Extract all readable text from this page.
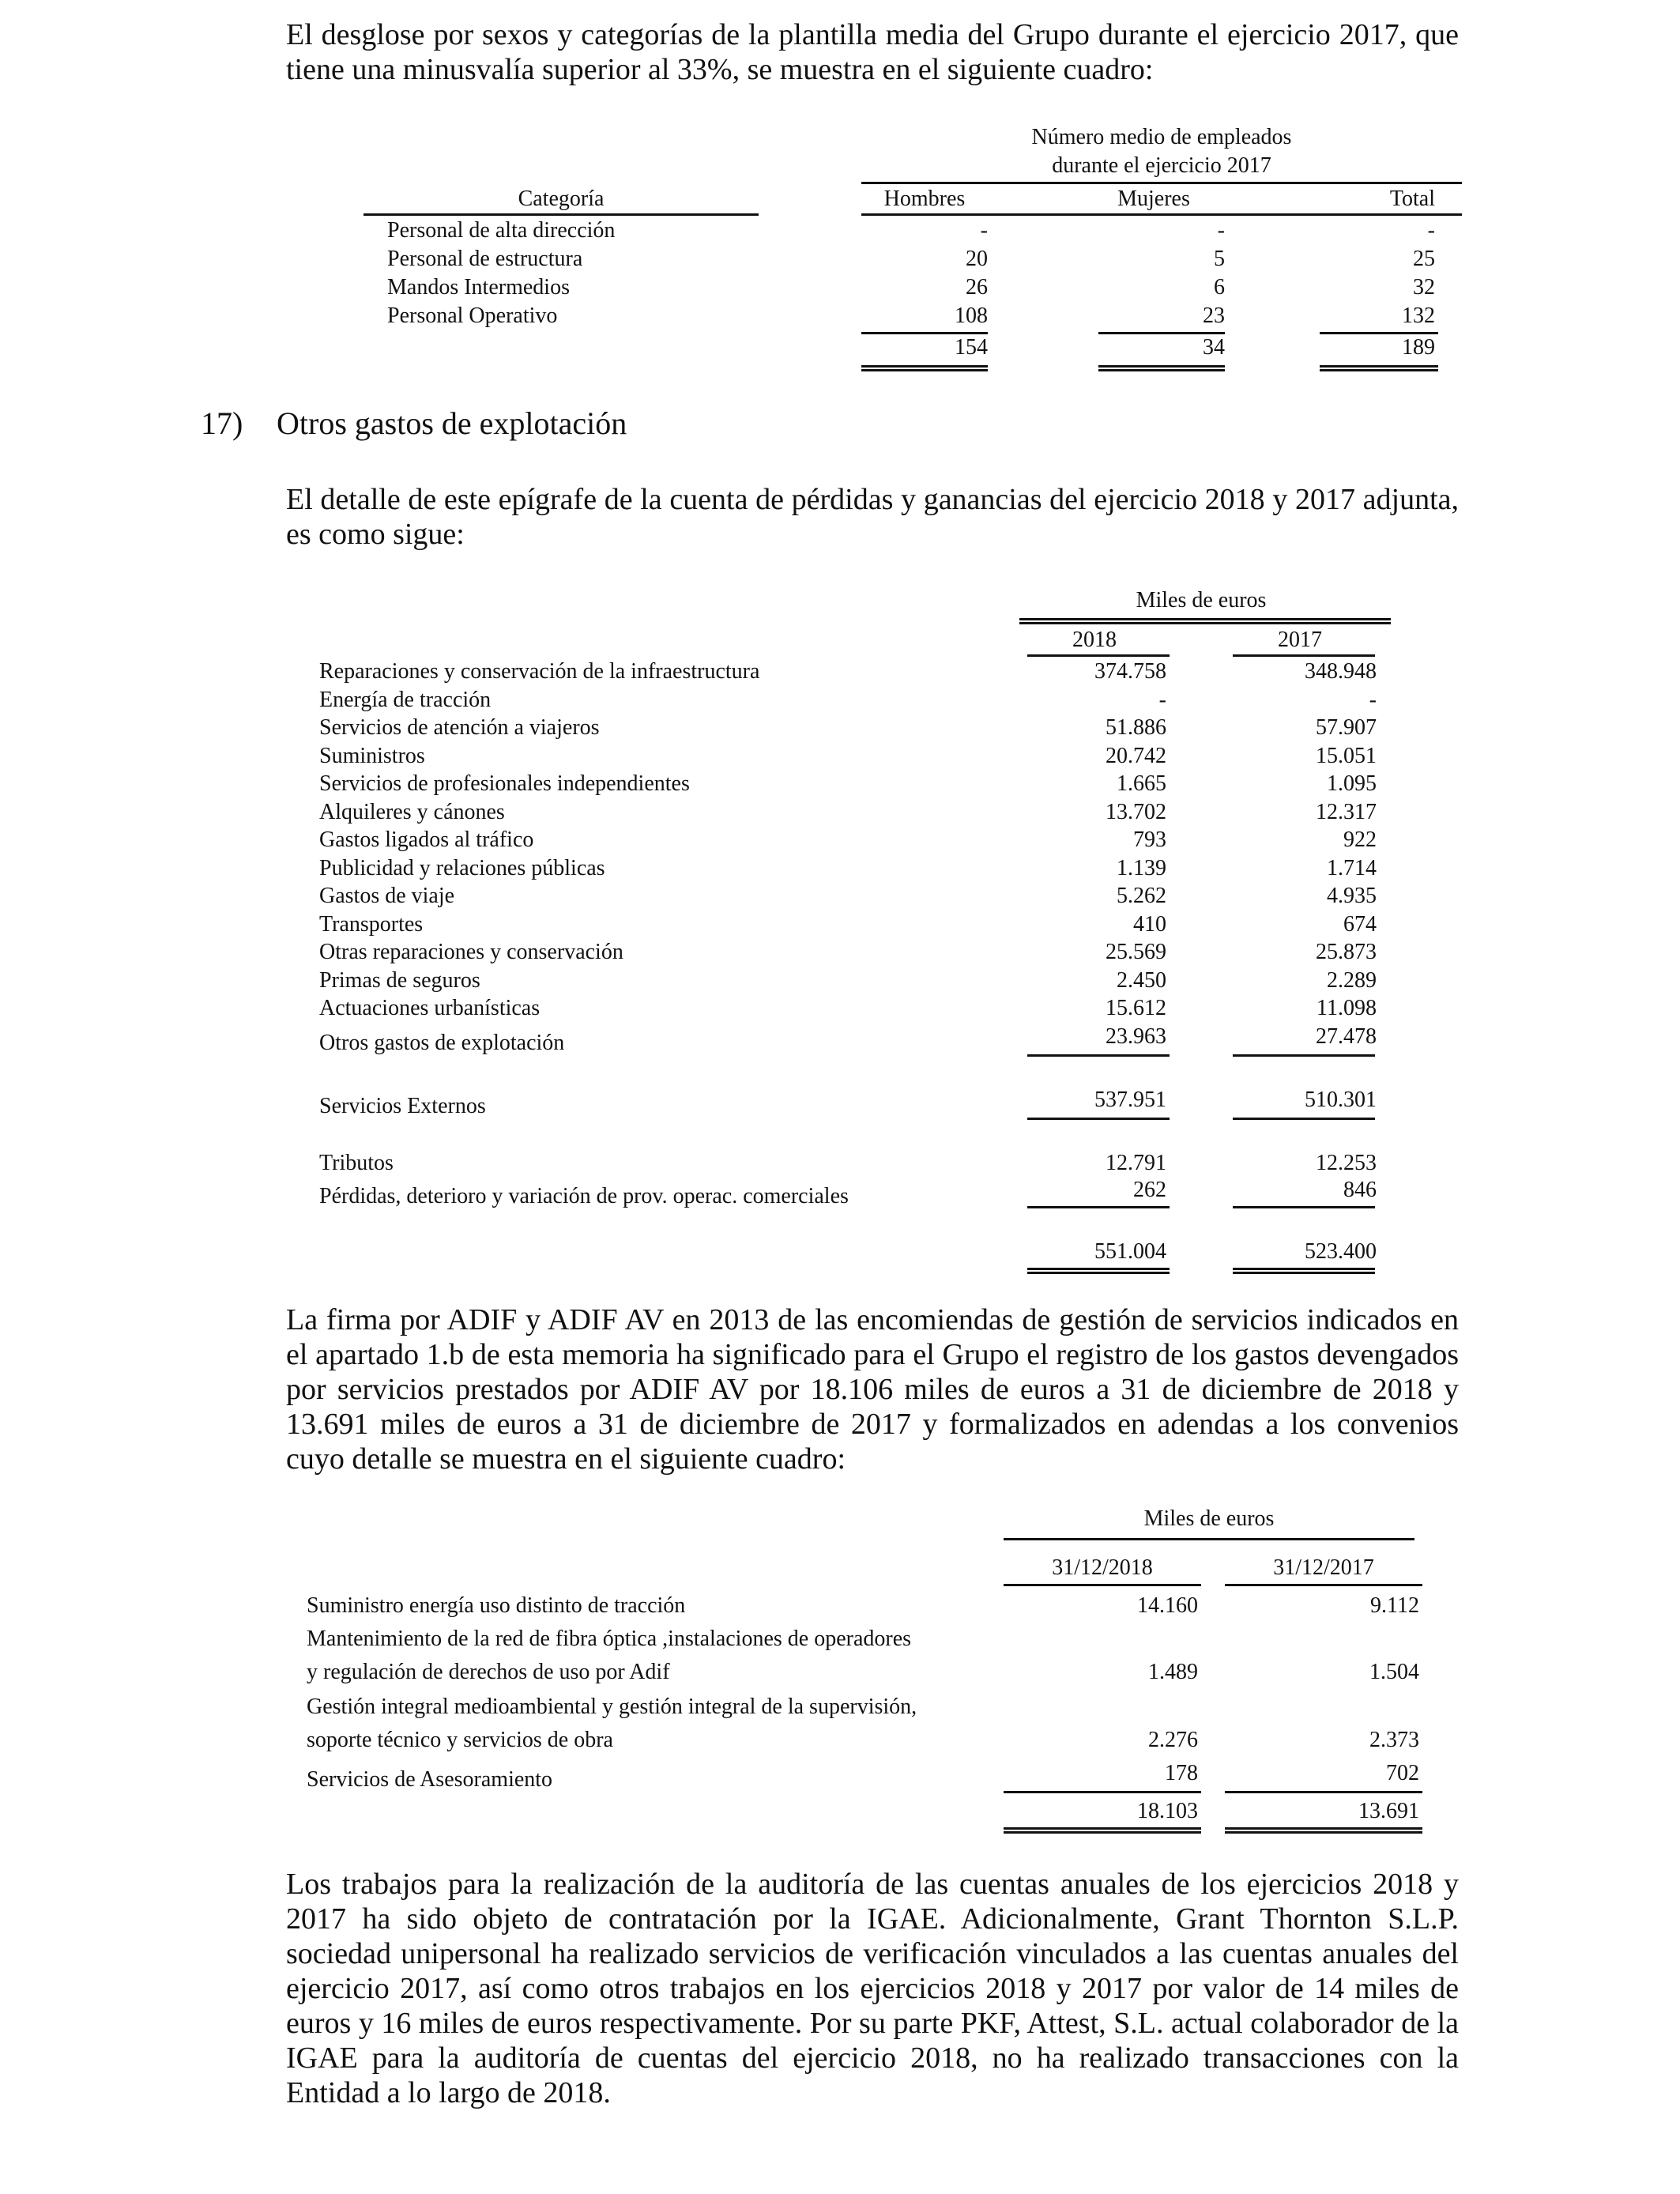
El desglose por sexos y categorías de la plantilla media del Grupo durante el ejercicio 2017, que tiene una minusvalía superior al 33%, se muestra en el siguiente cuadro:

Número medio de empleados
durante el ejercicio 2017
Categoría	Hombres	Mujeres	Total
Personal de alta dirección	-	-	-
Personal de estructura	20	5	25
Mandos Intermedios	26	6	32
Personal Operativo	108	23	132
154	34	189
17) Otros gastos de explotación

El detalle de este epígrafe de la cuenta de pérdidas y ganancias del ejercicio 2018 y 2017 adjunta, es como sigue:

Miles de euros
2018	2017
Reparaciones y conservación de la infraestructura	374.758	348.948
Energía de tracción	-	-
Servicios de atención a viajeros	51.886	57.907
Suministros	20.742	15.051
Servicios de profesionales independientes	1.665	1.095
Alquileres y cánones	13.702	12.317
Gastos ligados al tráfico	793	922
Publicidad y relaciones públicas	1.139	1.714
Gastos de viaje	5.262	4.935
Transportes	410	674
Otras reparaciones y conservación	25.569	25.873
Primas de seguros	2.450	2.289
Actuaciones urbanísticas	15.612	11.098
Otros gastos de explotación	23.963	27.478
Servicios Externos	537.951	510.301
Tributos	12.791	12.253
Pérdidas, deterioro y variación de prov. operac. comerciales	262	846
551.004	523.400

La firma por ADIF y ADIF AV en 2013 de las encomiendas de gestión de servicios indicados en el apartado 1.b de esta memoria ha significado para el Grupo el registro de los gastos devengados por servicios prestados por ADIF AV por 18.106 miles de euros a 31 de diciembre de 2018 y 13.691 miles de euros a 31 de diciembre de 2017 y formalizados en adendas a los convenios cuyo detalle se muestra en el siguiente cuadro:

Miles de euros
31/12/2018	31/12/2017
Suministro energía uso distinto de tracción	14.160	9.112
Mantenimiento de la red de fibra óptica ,instalaciones de operadores
y regulación de derechos de uso por Adif	1.489	1.504
Gestión integral medioambiental y gestión integral de la supervisión,
soporte técnico y servicios de obra	2.276	2.373
Servicios de Asesoramiento	178	702
18.103	13.691

Los trabajos para la realización de la auditoría de las cuentas anuales de los ejercicios 2018 y 2017 ha sido objeto de contratación por la IGAE. Adicionalmente, Grant Thornton S.L.P. sociedad unipersonal ha realizado servicios de verificación vinculados a las cuentas anuales del ejercicio 2017, así como otros trabajos en los ejercicios 2018 y 2017 por valor de 14 miles de euros y 16 miles de euros respectivamente. Por su parte PKF, Attest, S.L. actual colaborador de la IGAE para la auditoría de cuentas del ejercicio 2018, no ha realizado transacciones con la Entidad a lo largo de 2018.
